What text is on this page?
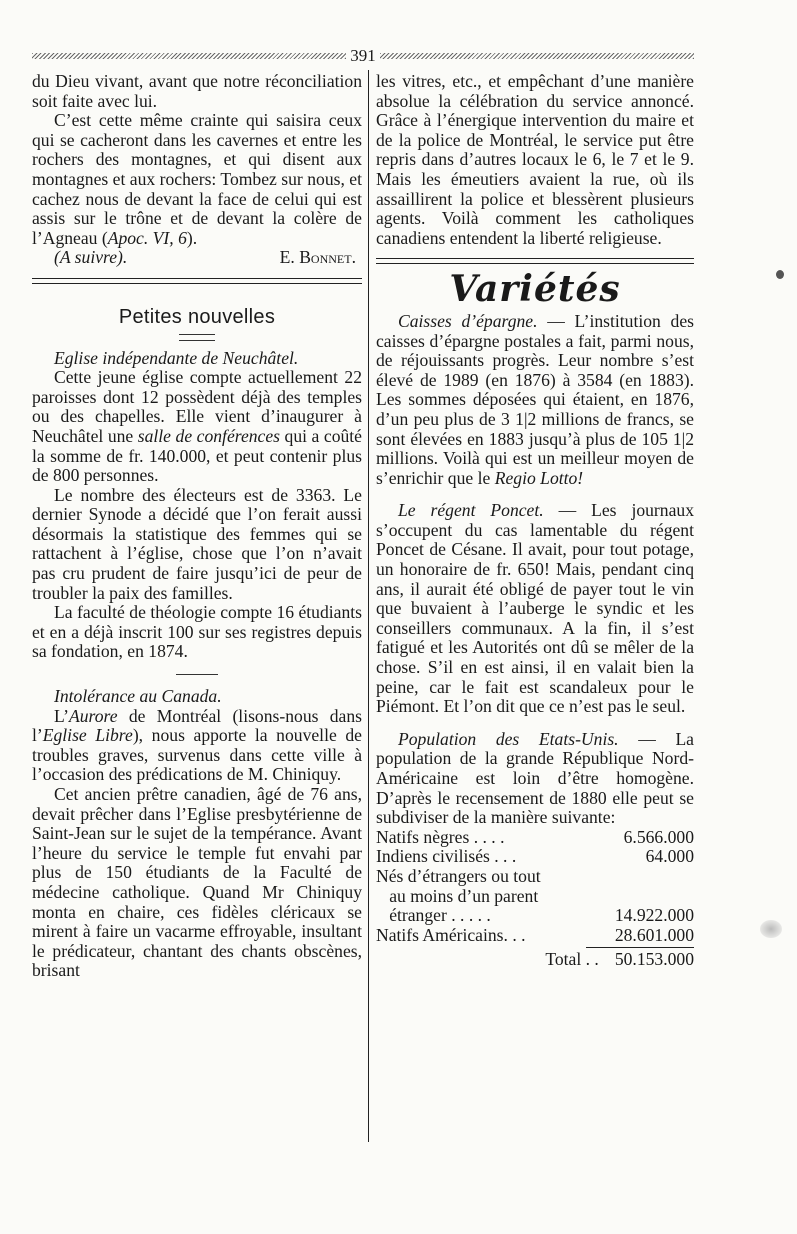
391

du Dieu vivant, avant que notre réconciliation soit faite avec lui.

C’est cette même crainte qui saisira ceux qui se cacheront dans les cavernes et entre les rochers des montagnes, et qui disent aux montagnes et aux rochers: Tombez sur nous, et cachez nous de devant la face de celui qui est assis sur le trône et de devant la colère de l’Agneau (Apoc. VI, 6).

(A suivre).	E. Bonnet.
Petites nouvelles

Eglise indépendante de Neuchâtel.

Cette jeune église compte actuellement 22 paroisses dont 12 possèdent déjà des temples ou des chapelles. Elle vient d’inaugurer à Neuchâtel une salle de conférences qui a coûté la somme de fr. 140.000, et peut contenir plus de 800 personnes.

Le nombre des électeurs est de 3363. Le dernier Synode a décidé que l’on ferait aussi désormais la statistique des femmes qui se rattachent à l’église, chose que l’on n’avait pas cru prudent de faire jusqu’ici de peur de troubler la paix des familles.

La faculté de théologie compte 16 étudiants et en a déjà inscrit 100 sur ses registres depuis sa fondation, en 1874.

Intolérance au Canada.

L’Aurore de Montréal (lisons-nous dans l’Eglise Libre), nous apporte la nouvelle de troubles graves, survenus dans cette ville à l’occasion des prédications de M. Chiniquy.

Cet ancien prêtre canadien, âgé de 76 ans, devait prêcher dans l’Eglise presbytérienne de Saint-Jean sur le sujet de la tempérance. Avant l’heure du service le temple fut envahi par plus de 150 étudiants de la Faculté de médecine catholique. Quand Mr Chiniquy monta en chaire, ces fidèles cléricaux se mirent à faire un vacarme effroyable, insultant le prédicateur, chantant des chants obscènes, brisant

les vitres, etc., et empêchant d’une manière absolue la célébration du service annoncé. Grâce à l’énergique intervention du maire et de la police de Montréal, le service put être repris dans d’autres locaux le 6, le 7 et le 9. Mais les émeutiers avaient la rue, où ils assaillirent la police et blessèrent plusieurs agents. Voilà comment les catholiques canadiens entendent la liberté religieuse.

Variétés

Caisses d’épargne. — L’institution des caisses d’épargne postales a fait, parmi nous, de réjouissants progrès. Leur nombre s’est élevé de 1989 (en 1876) à 3584 (en 1883). Les sommes déposées qui étaient, en 1876, d’un peu plus de 3 1|2 millions de francs, se sont élevées en 1883 jusqu’à plus de 105 1|2 millions. Voilà qui est un meilleur moyen de s’enrichir que le Regio Lotto!

Le régent Poncet. — Les journaux s’occupent du cas lamentable du régent Poncet de Césane. Il avait, pour tout potage, un honoraire de fr. 650! Mais, pendant cinq ans, il aurait été obligé de payer tout le vin que buvaient à l’auberge le syndic et les conseillers communaux. A la fin, il s’est fatigué et les Autorités ont dû se mêler de la chose. S’il en est ainsi, il en valait bien la peine, car le fait est scandaleux pour le Piémont. Et l’on dit que ce n’est pas le seul.

Population des Etats-Unis. — La population de la grande République Nord-Américaine est loin d’être homogène. D’après le recensement de 1880 elle peut se subdiviser de la manière suivante:

Natifs nègres . . . .	6.566.000
Indiens civilisés . . .	64.000
Nés d’étrangers ou tout
au moins d’un parent
étranger . . . . .	14.922.000
Natifs Américains. . .	28.601.000
Total . . 50.153.000
